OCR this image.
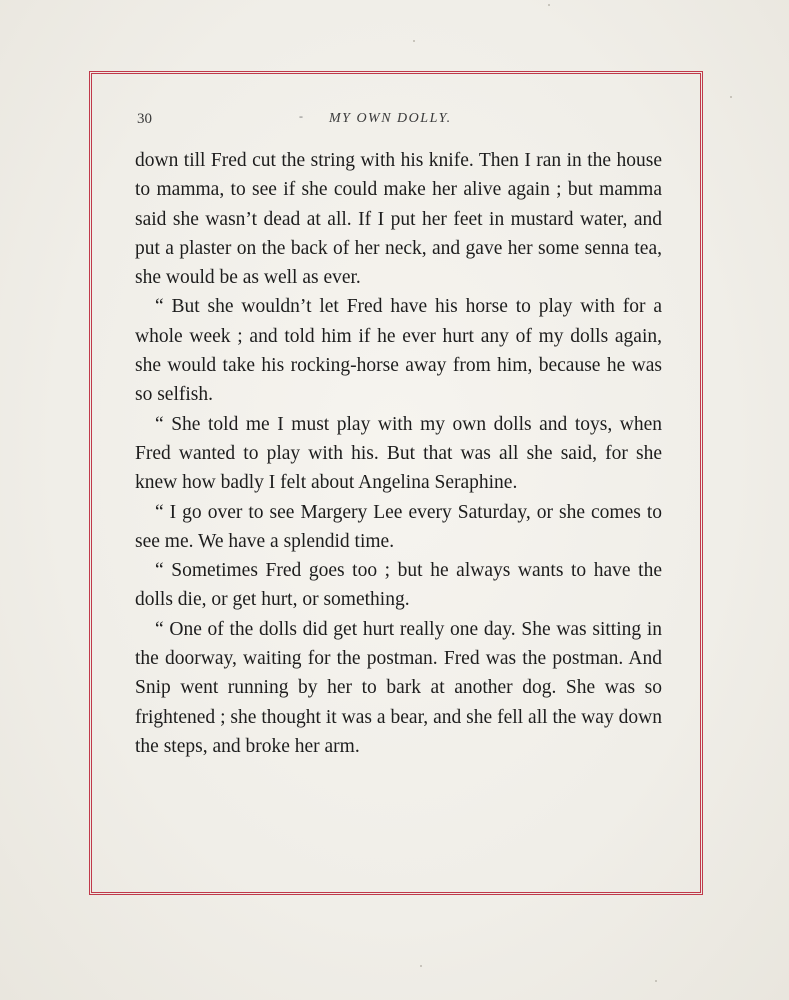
30	- MY OWN DOLLY.

down till Fred cut the string with his knife. Then I ran in the house to mamma, to see if she could make her alive again ; but mamma said she wasn’t dead at all. If I put her feet in mustard water, and put a plaster on the back of her neck, and gave her some senna tea, she would be as well as ever.

“ But she wouldn’t let Fred have his horse to play with for a whole week ; and told him if he ever hurt any of my dolls again, she would take his rocking-horse away from him, because he was so selfish.

“ She told me I must play with my own dolls and toys, when Fred wanted to play with his. But that was all she said, for she knew how badly I felt about Angelina Seraphine.

“ I go over to see Margery Lee every Saturday, or she comes to see me. We have a splendid time.

“ Sometimes Fred goes too ; but he always wants to have the dolls die, or get hurt, or something.

“ One of the dolls did get hurt really one day. She was sitting in the doorway, waiting for the postman. Fred was the postman. And Snip went running by her to bark at another dog. She was so frightened ; she thought it was a bear, and she fell all the way down the steps, and broke her arm.
